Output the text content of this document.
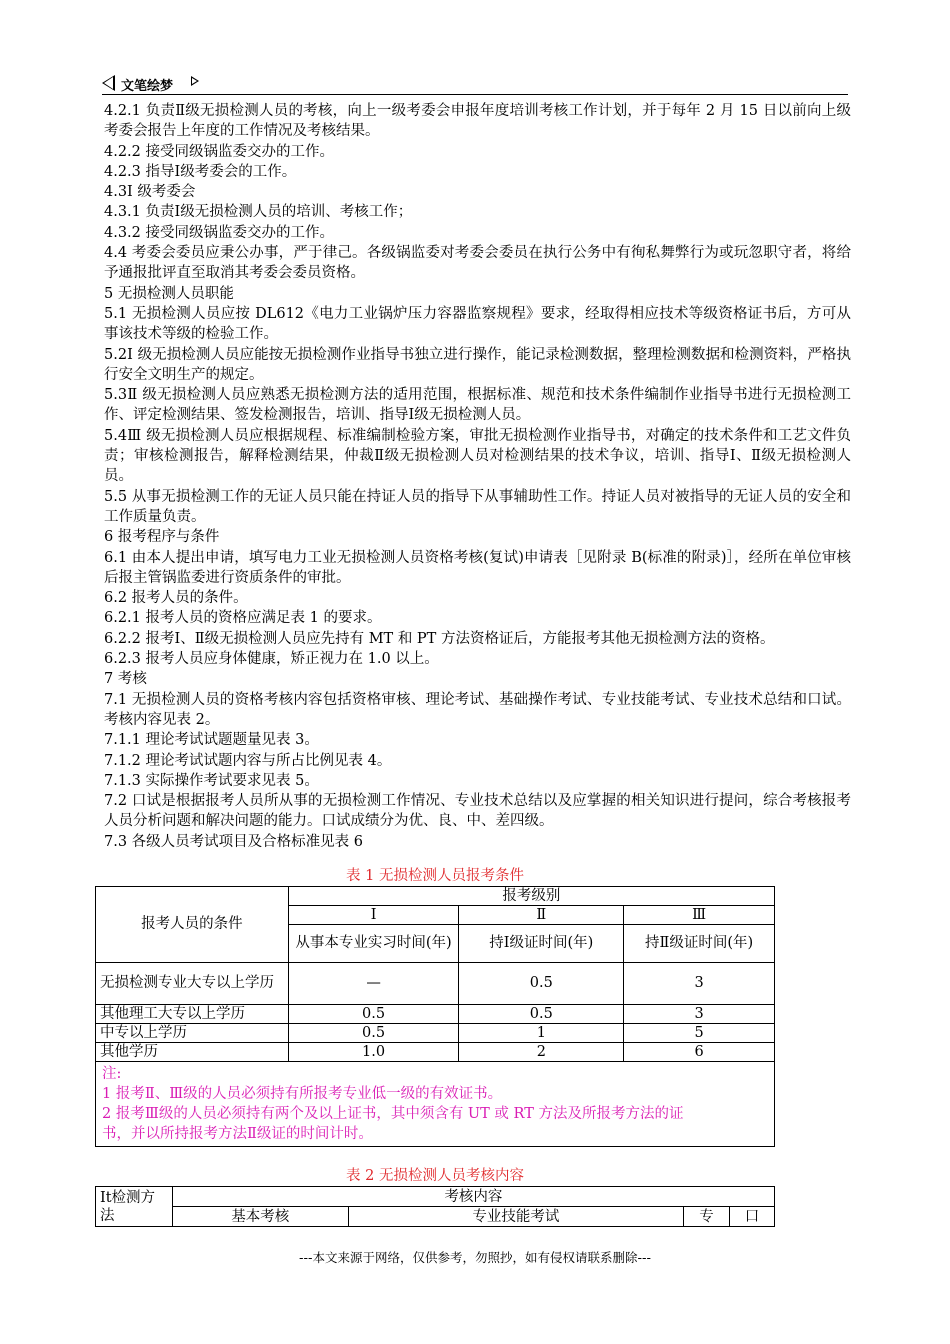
文笔绘梦

4.2.1 负责Ⅱ级无损检测人员的考核，向上一级考委会申报年度培训考核工作计划，并于每年 2 月 15 日以前向上级考委会报告上年度的工作情况及考核结果。

4.2.2 接受同级锅监委交办的工作。

4.2.3 指导Ⅰ级考委会的工作。

4.3Ⅰ 级考委会

4.3.1 负责Ⅰ级无损检测人员的培训、考核工作；

4.3.2 接受同级锅监委交办的工作。

4.4 考委会委员应秉公办事，严于律己。各级锅监委对考委会委员在执行公务中有徇私舞弊行为或玩忽职守者，将给予通报批评直至取消其考委会委员资格。

5 无损检测人员职能

5.1 无损检测人员应按 DL612《电力工业锅炉压力容器监察规程》要求，经取得相应技术等级资格证书后，方可从事该技术等级的检验工作。

5.2Ⅰ 级无损检测人员应能按无损检测作业指导书独立进行操作，能记录检测数据，整理检测数据和检测资料，严格执行安全文明生产的规定。

5.3Ⅱ 级无损检测人员应熟悉无损检测方法的适用范围，根据标准、规范和技术条件编制作业指导书进行无损检测工作、评定检测结果、签发检测报告，培训、指导Ⅰ级无损检测人员。

5.4Ⅲ 级无损检测人员应根据规程、标准编制检验方案，审批无损检测作业指导书，对确定的技术条件和工艺文件负责；审核检测报告，解释检测结果，仲裁Ⅱ级无损检测人员对检测结果的技术争议，培训、指导Ⅰ、Ⅱ级无损检测人员。

5.5 从事无损检测工作的无证人员只能在持证人员的指导下从事辅助性工作。持证人员对被指导的无证人员的安全和工作质量负责。

6 报考程序与条件

6.1 由本人提出申请，填写电力工业无损检测人员资格考核(复试)申请表［见附录 B(标准的附录)］，经所在单位审核后报主管锅监委进行资质条件的审批。

6.2 报考人员的条件。

6.2.1 报考人员的资格应满足表 1 的要求。

6.2.2 报考Ⅰ、Ⅱ级无损检测人员应先持有 MT 和 PT 方法资格证后，方能报考其他无损检测方法的资格。

6.2.3 报考人员应身体健康，矫正视力在 1.0 以上。

7 考核

7.1 无损检测人员的资格考核内容包括资格审核、理论考试、基础操作考试、专业技能考试、专业技术总结和口试。考核内容见表 2。

7.1.1 理论考试试题题量见表 3。

7.1.2 理论考试试题内容与所占比例见表 4。

7.1.3 实际操作考试要求见表 5。

7.2 口试是根据报考人员所从事的无损检测工作情况、专业技术总结以及应掌握的相关知识进行提问，综合考核报考人员分析问题和解决问题的能力。口试成绩分为优、良、中、差四级。

7.3 各级人员考试项目及合格标准见表 6

表 1 无损检测人员报考条件
报考人员的条件	报考级别		
	Ⅰ	Ⅱ	Ⅲ
	从事本专业实习时间(年)	持Ⅰ级证时间(年)	持Ⅱ级证时间(年)
无损检测专业大专以上学历	—	0.5	3
其他理工大专以上学历	0.5	0.5	3
中专以上学历	0.5	1	5
其他学历	1.0	2	6

注:
1 报考Ⅱ、Ⅲ级的人员必须持有所报考专业低一级的有效证书。
2 报考Ⅲ级的人员必须持有两个及以上证书，其中须含有 UT 或 RT 方法及所报考方法的证书，并以所持报考方法Ⅱ级证的时间计时。			
表 2 无损检测人员考核内容
It检测方法	考核内容			
	基本考核	专业技能考试	专	口
---本文来源于网络，仅供参考，勿照抄，如有侵权请联系删除---
